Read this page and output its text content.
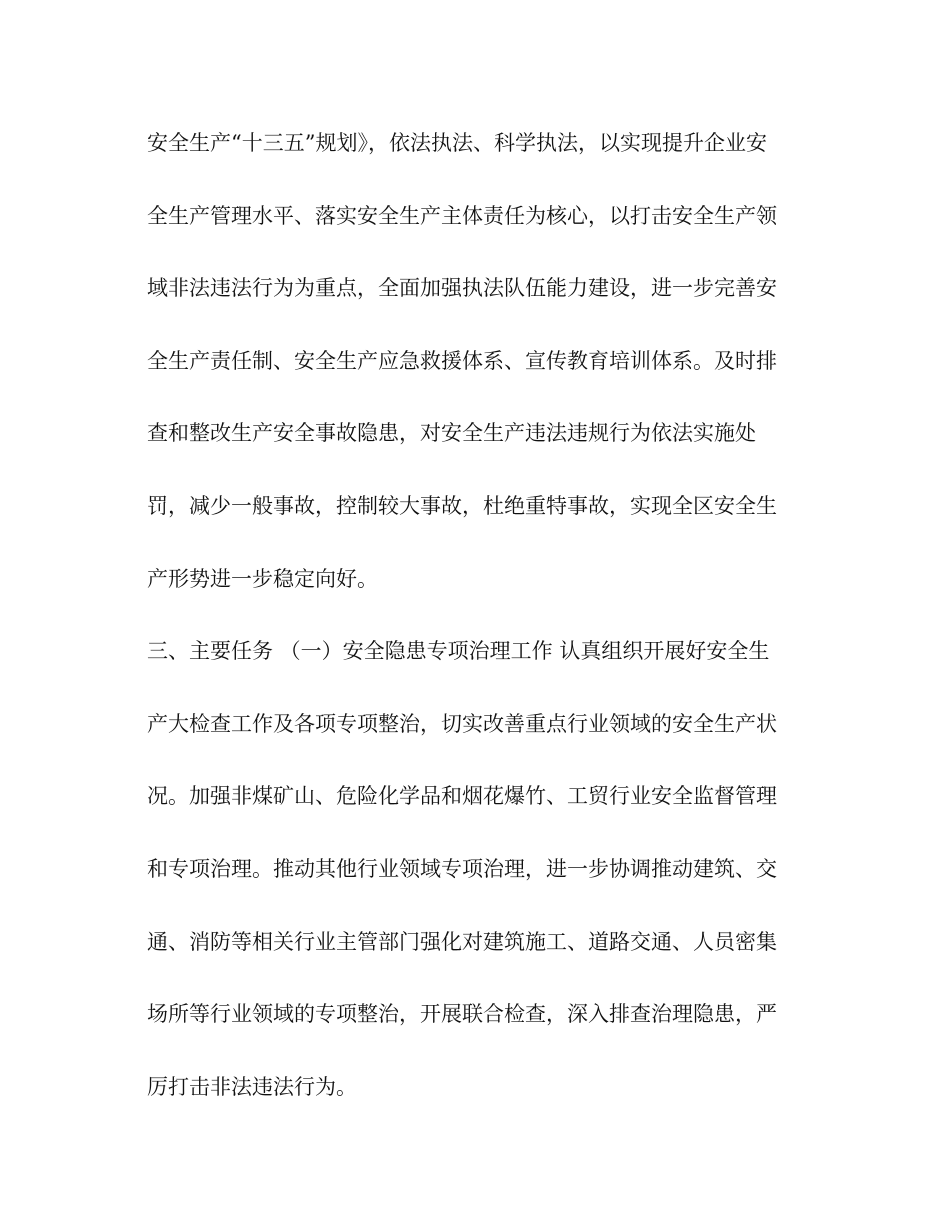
安全生产“十三五”规划》，依法执法、科学执法，以实现提升企业安
全生产管理水平、落实安全生产主体责任为核心，以打击安全生产领
域非法违法行为为重点，全面加强执法队伍能力建设，进一步完善安
全生产责任制、安全生产应急救援体系、宣传教育培训体系。及时排
查和整改生产安全事故隐患，对安全生产违法违规行为依法实施处
罚，减少一般事故，控制较大事故，杜绝重特事故，实现全区安全生
产形势进一步稳定向好。
三、主要任务 （一）安全隐患专项治理工作 认真组织开展好安全生
产大检查工作及各项专项整治，切实改善重点行业领域的安全生产状
况。加强非煤矿山、危险化学品和烟花爆竹、工贸行业安全监督管理
和专项治理。推动其他行业领域专项治理，进一步协调推动建筑、交
通、消防等相关行业主管部门强化对建筑施工、道路交通、人员密集
场所等行业领域的专项整治，开展联合检查，深入排查治理隐患，严
厉打击非法违法行为。
